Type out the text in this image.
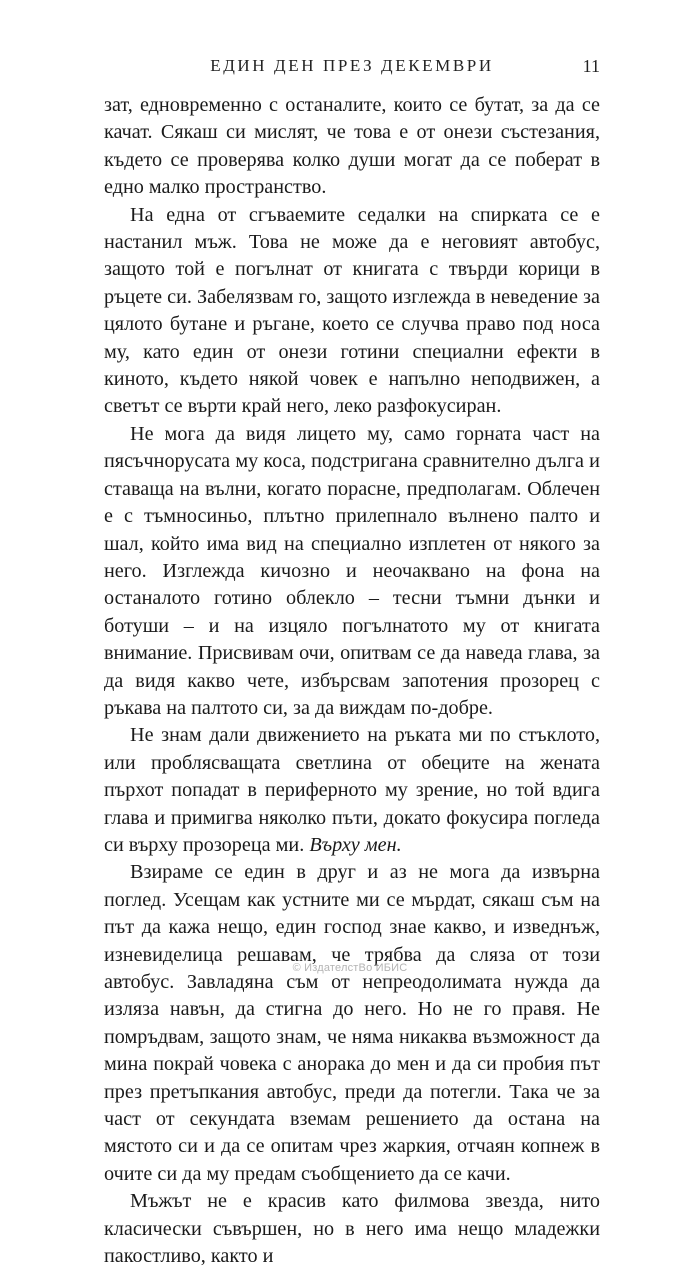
ЕДИН ДЕН ПРЕЗ ДЕКЕМВРИ	11

зат, едновременно с останалите, които се бутат, за да се качат. Сякаш си мислят, че това е от онези състезания, където се проверява колко души могат да се поберат в едно малко пространство.

На една от сгъваемите седалки на спирката се е настанил мъж. Това не може да е неговият автобус, защото той е погълнат от книгата с твърди корици в ръцете си. Забелязвам го, защото изглежда в неведение за цялото бутане и ръгане, което се случва право под носа му, като един от онези готини специални ефекти в киното, където някой човек е напълно неподвижен, а светът се върти край него, леко разфокусиран.

Не мога да видя лицето му, само горната част на пясъчнорусата му коса, подстригана сравнително дълга и ставаща на вълни, когато порасне, предполагам. Облечен е с тъмносиньо, плътно прилепнало вълнено палто и шал, който има вид на специално изплетен от някого за него. Изглежда кичозно и неочаквано на фона на останалото готино облекло – тесни тъмни дънки и ботуши – и на изцяло погълнатото му от книгата внимание. Присвивам очи, опитвам се да наведа глава, за да видя какво чете, избърсвам запотения прозорец с ръкава на палтото си, за да виждам по-добре.

Не знам дали движението на ръката ми по стъклото, или проблясващата светлина от обеците на жената пърхот попадат в периферното му зрение, но той вдига глава и примигва няколко пъти, докато фокусира погледа си върху прозореца ми. Върху мен.

Взираме се един в друг и аз не мога да извърна поглед. Усещам как устните ми се мърдат, сякаш съм на път да кажа нещо, един господ знае какво, и изведнъж, изневиделица решавам, че трябва да сляза от този автобус. Завладяна съм от непреодолимата нужда да изляза навън, да стигна до него. Но не го правя. Не помръдвам, защото знам, че няма никаква възможност да мина покрай човека с анорака до мен и да си пробия път през претъпкания автобус, преди да потегли. Така че за част от секундата вземам решението да остана на мястото си и да се опитам чрез жаркия, отчаян копнеж в очите си да му предам съобщението да се качи.

Мъжът не е красив като филмова звезда, нито класически съвършен, но в него има нещо младежки пакостливо, както и

© ИздателстВо ИБИС
